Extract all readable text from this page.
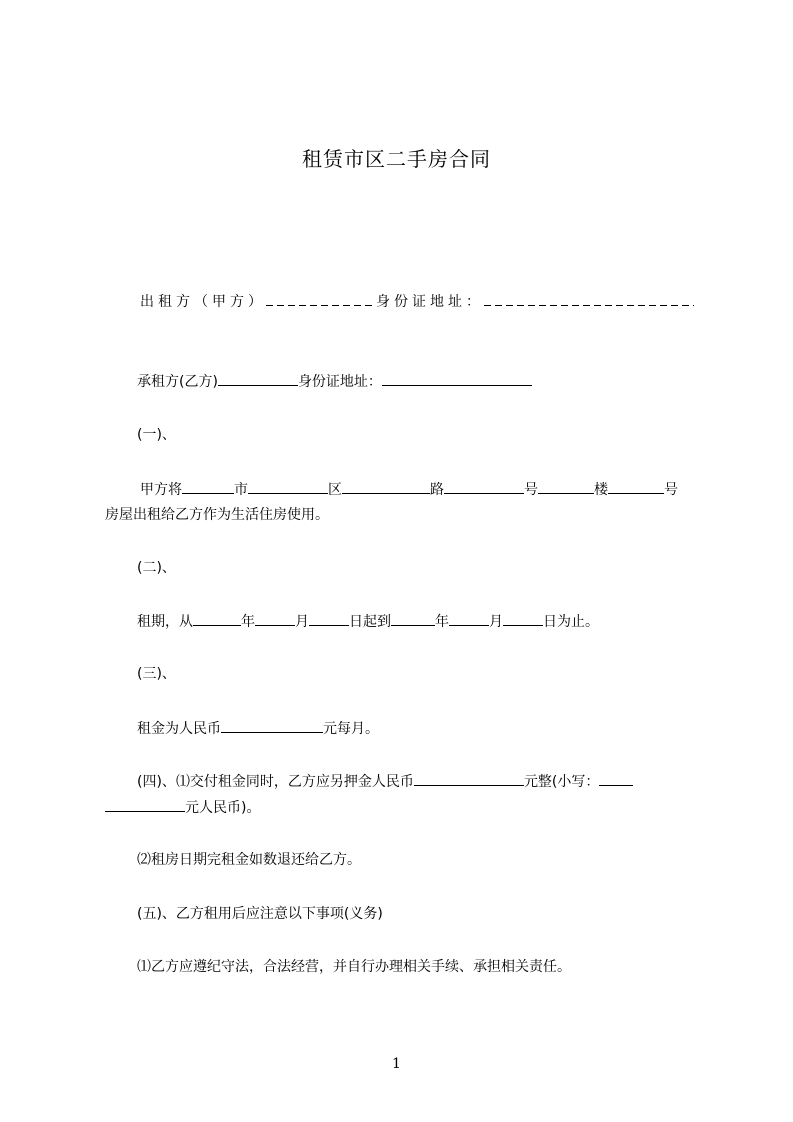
租赁市区二手房合同
出租方（甲方）	身份证地址：
承租方(乙方)	身份证地址：
(一)、
甲方将	市	区	路	号	楼	号
房屋出租给乙方作为生活住房使用。
(二)、
租期，从	年	月	日起到	年	月	日为止。
(三)、
租金为人民币	元每月。
(四)、⑴交付租金同时，乙方应另押金人民币	元整(小写：
元人民币)。
⑵租房日期完租金如数退还给乙方。
(五)、乙方租用后应注意以下事项(义务)
⑴乙方应遵纪守法，合法经营，并自行办理相关手续、承担相关责任。
1
